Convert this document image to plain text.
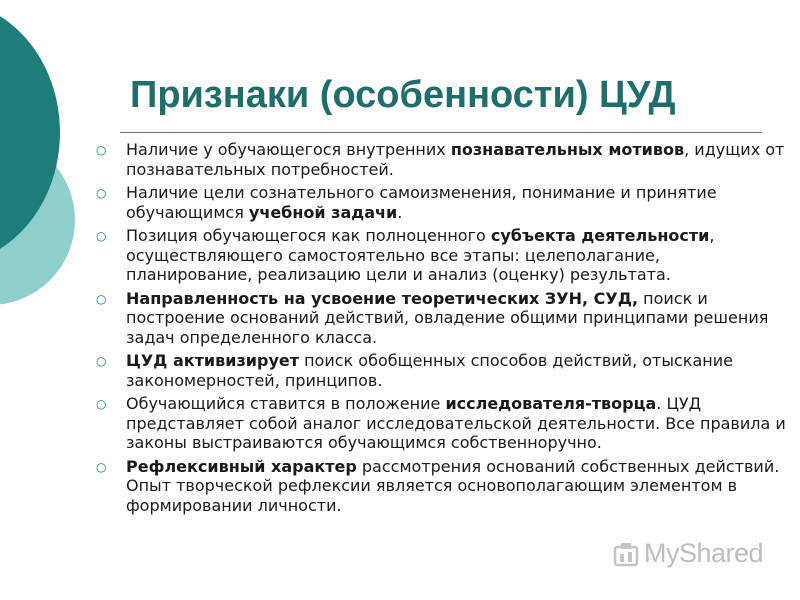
Признаки (особенности) ЦУД
○ Наличие у обучающегося внутренних познавательных мотивов, идущих от познавательных потребностей.
○ Наличие цели сознательного самоизменения, понимание и принятие обучающимся учебной задачи.
○ Позиция обучающегося как полноценного субъекта деятельности, осуществляющего самостоятельно все этапы: целеполагание, планирование, реализацию цели и анализ (оценку) результата.
○ Направленность на усвоение теоретических ЗУН, СУД, поиск и построение оснований действий, овладение общими принципами решения задач определенного класса.
○ ЦУД активизирует поиск обобщенных способов действий, отыскание закономерностей, принципов.
○ Обучающийся ставится в положение исследователя-творца. ЦУД представляет собой аналог исследовательской деятельности. Все правила и законы выстраиваются обучающимся собственноручно.
○ Рефлексивный характер рассмотрения оснований собственных действий. Опыт творческой рефлексии является основополагающим элементом в формировании личности.
MyShared
